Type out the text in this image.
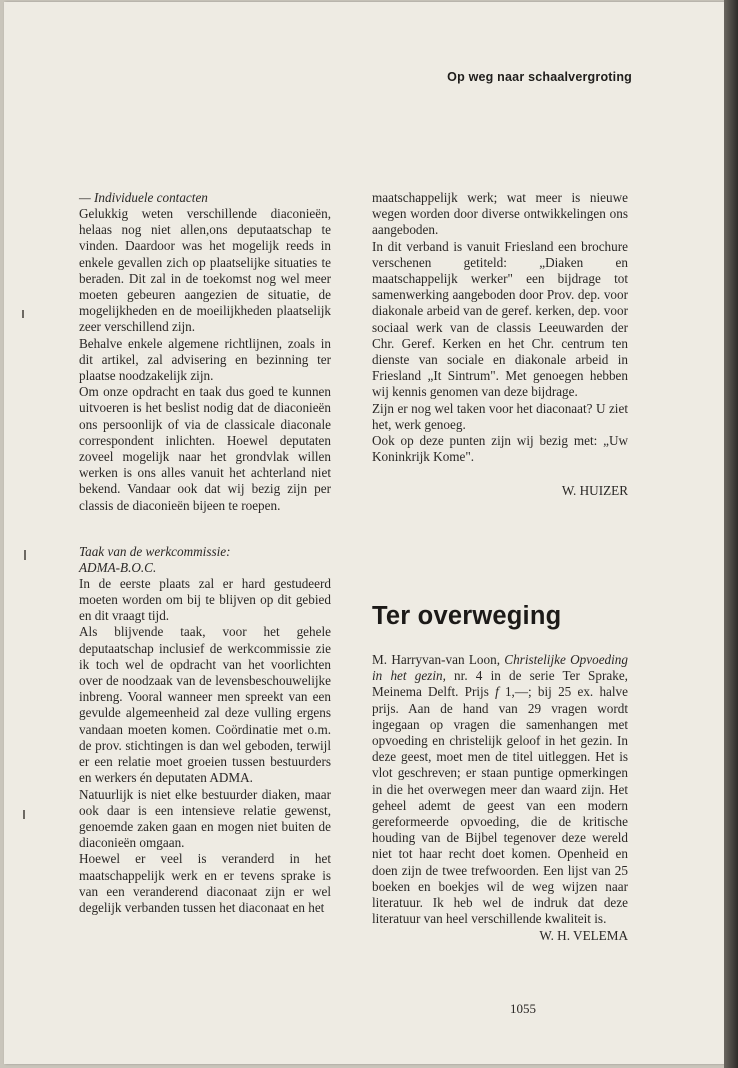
Op weg naar schaalvergroting

— Individuele contacten

Gelukkig weten verschillende diaconieën, helaas nog niet allen,ons deputaatschap te vinden. Daardoor was het mogelijk reeds in enkele gevallen zich op plaatselijke situaties te beraden. Dit zal in de toekomst nog wel meer moeten gebeuren aangezien de situatie, de mogelijkheden en de moeilijkheden plaatselijk zeer verschillend zijn.

Behalve enkele algemene richtlijnen, zoals in dit artikel, zal advisering en bezinning ter plaatse noodzakelijk zijn.

Om onze opdracht en taak dus goed te kunnen uitvoeren is het beslist nodig dat de diaconieën ons persoonlijk of via de classicale diaconale correspondent inlichten. Hoewel deputaten zoveel mogelijk naar het grondvlak willen werken is ons alles vanuit het achterland niet bekend. Vandaar ook dat wij bezig zijn per classis de diaconieën bijeen te roepen.

Taak van de werkcommissie:

ADMA-B.O.C.

In de eerste plaats zal er hard gestudeerd moeten worden om bij te blijven op dit gebied en dit vraagt tijd.

Als blijvende taak, voor het gehele deputaatschap inclusief de werkcommissie zie ik toch wel de opdracht van het voorlichten over de noodzaak van de levensbeschouwelijke inbreng. Vooral wanneer men spreekt van een gevulde algemeenheid zal deze vulling ergens vandaan moeten komen. Coördinatie met o.m. de prov. stichtingen is dan wel geboden, terwijl er een relatie moet groeien tussen bestuurders en werkers én deputaten ADMA.

Natuurlijk is niet elke bestuurder diaken, maar ook daar is een intensieve relatie gewenst, genoemde zaken gaan en mogen niet buiten de diaconieën omgaan.

Hoewel er veel is veranderd in het maatschappelijk werk en er tevens sprake is van een veranderend diaconaat zijn er wel degelijk verbanden tussen het diaconaat en het

maatschappelijk werk; wat meer is nieuwe wegen worden door diverse ontwikkelingen ons aangeboden.

In dit verband is vanuit Friesland een brochure verschenen getiteld: „Diaken en maatschappelijk werker" een bijdrage tot samenwerking aangeboden door Prov. dep. voor diakonale arbeid van de geref. kerken, dep. voor sociaal werk van de classis Leeuwarden der Chr. Geref. Kerken en het Chr. centrum ten dienste van sociale en diakonale arbeid in Friesland „It Sintrum". Met genoegen hebben wij kennis genomen van deze bijdrage.

Zijn er nog wel taken voor het diaconaat? U ziet het, werk genoeg.

Ook op deze punten zijn wij bezig met: „Uw Koninkrijk Kome".

W. HUIZER

Ter overweging

M. Harryvan-van Loon, Christelijke Opvoeding in het gezin, nr. 4 in de serie Ter Sprake, Meinema Delft. Prijs f 1,—; bij 25 ex. halve prijs. Aan de hand van 29 vragen wordt ingegaan op vragen die samenhangen met opvoeding en christelijk geloof in het gezin. In deze geest, moet men de titel uitleggen. Het is vlot geschreven; er staan puntige opmerkingen in die het overwegen meer dan waard zijn. Het geheel ademt de geest van een modern gereformeerde opvoeding, die de kritische houding van de Bijbel tegenover deze wereld niet tot haar recht doet komen. Openheid en doen zijn de twee trefwoorden. Een lijst van 25 boeken en boekjes wil de weg wijzen naar literatuur. Ik heb wel de indruk dat deze literatuur van heel verschillende kwaliteit is.

W. H. VELEMA

1055
